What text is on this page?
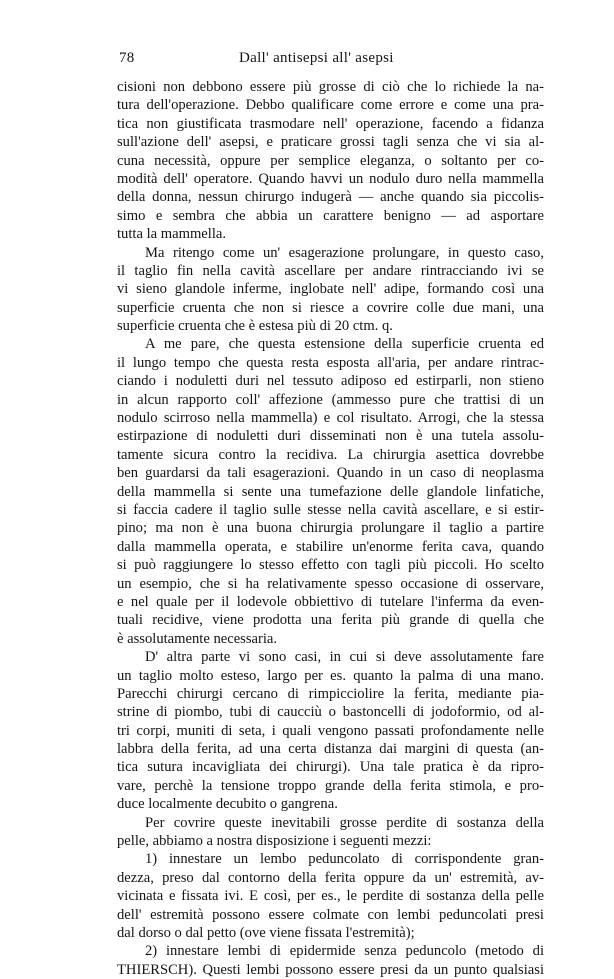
78	Dall' antisepsi all' asepsi
cisioni non debbono essere più grosse di ciò che lo richiede la na-
tura dell'operazione. Debbo qualificare come errore e come una pra-
tica non giustificata trasmodare nell' operazione, facendo a fidanza
sull'azione dell' asepsi, e praticare grossi tagli senza che vi sia al-
cuna necessità, oppure per semplice eleganza, o soltanto per co-
modità dell' operatore. Quando havvi un nodulo duro nella mammella
della donna, nessun chirurgo indugerà — anche quando sia piccolis-
simo e sembra che abbia un carattere benigno — ad asportare
tutta la mammella.
Ma ritengo come un' esagerazione prolungare, in questo caso,
il taglio fin nella cavità ascellare per andare rintracciando ivi se
vi sieno glandole inferme, inglobate nell' adipe, formando così una
superficie cruenta che non si riesce a covrire colle due mani, una
superficie cruenta che è estesa più di 20 ctm. q.
A me pare, che questa estensione della superficie cruenta ed
il lungo tempo che questa resta esposta all'aria, per andare rintrac-
ciando i noduletti duri nel tessuto adiposo ed estirparli, non stieno
in alcun rapporto coll' affezione (ammesso pure che trattisi di un
nodulo scirroso nella mammella) e col risultato. Arrogi, che la stessa
estirpazione di noduletti duri disseminati non è una tutela assolu-
tamente sicura contro la recidiva. La chirurgia asettica dovrebbe
ben guardarsi da tali esagerazioni. Quando in un caso di neoplasma
della mammella si sente una tumefazione delle glandole linfatiche,
si faccia cadere il taglio sulle stesse nella cavità ascellare, e si estir-
pino; ma non è una buona chirurgia prolungare il taglio a partire
dalla mammella operata, e stabilire un'enorme ferita cava, quando
si può raggiungere lo stesso effetto con tagli più piccoli. Ho scelto
un esempio, che si ha relativamente spesso occasione di osservare,
e nel quale per il lodevole obbiettivo di tutelare l'inferma da even-
tuali recidive, viene prodotta una ferita più grande di quella che
è assolutamente necessaria.
D' altra parte vi sono casi, in cui si deve assolutamente fare
un taglio molto esteso, largo per es. quanto la palma di una mano.
Parecchi chirurgi cercano di rimpicciolire la ferita, mediante pia-
strine di piombo, tubi di caucciù o bastoncelli di jodoformio, od al-
tri corpi, muniti di seta, i quali vengono passati profondamente nelle
labbra della ferita, ad una certa distanza dai margini di questa (an-
tica sutura incavigliata dei chirurgi). Una tale pratica è da ripro-
vare, perchè la tensione troppo grande della ferita stimola, e pro-
duce localmente decubito o gangrena.
Per covrire queste inevitabili grosse perdite di sostanza della
pelle, abbiamo a nostra disposizione i seguenti mezzi:
1) innestare un lembo peduncolato di corrispondente gran-
dezza, preso dal contorno della ferita oppure da un' estremità, av-
vicinata e fissata ivi. E così, per es., le perdite di sostanza della pelle
dell' estremità possono essere colmate con lembi peduncolati presi
dal dorso o dal petto (ove viene fissata l'estremità);
2) innestare lembi di epidermide senza peduncolo (metodo di
THIERSCH). Questi lembi possono essere presi da un punto qualsiasi
